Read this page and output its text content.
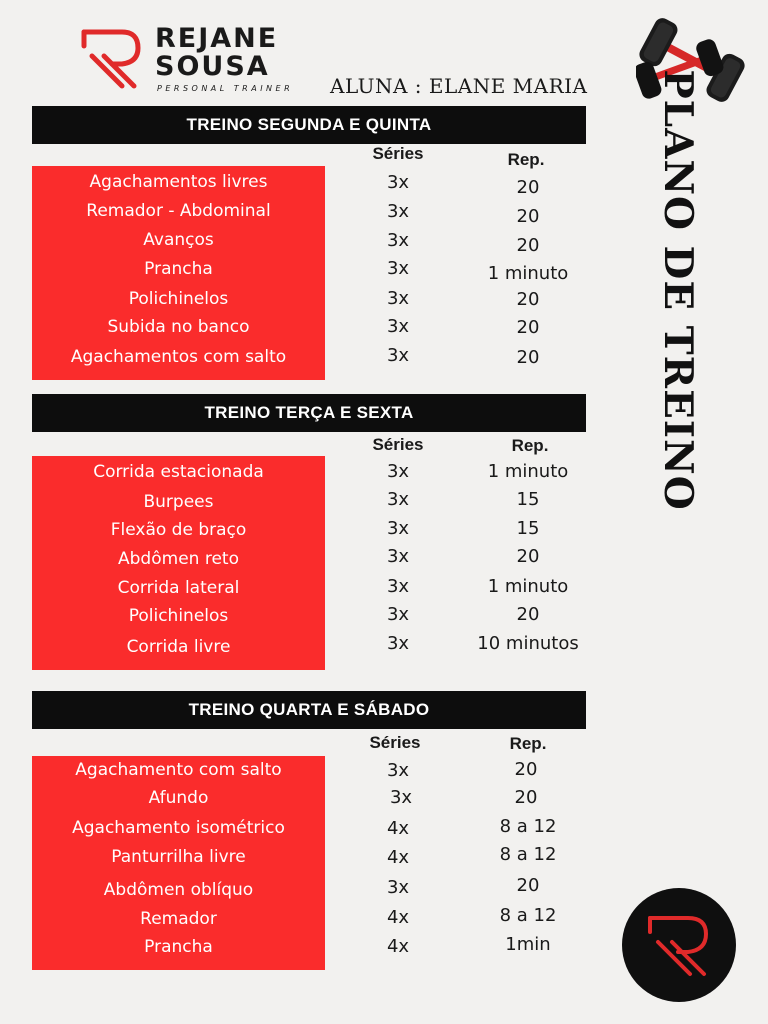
REJANE
SOUSA
PERSONAL TRAINER ALUNA : ELANE MARIA PLANO DE TREINO
TREINO SEGUNDA E QUINTA
Séries	Rep.
Agachamentos livres	3x	20
Remador - Abdominal	3x	20
Avanços	3x	20
Prancha	3x	1 minuto
Polichinelos	3x	20
Subida no banco	3x	20
Agachamentos com salto	3x	20
TREINO TERÇA E SEXTA
Séries	Rep.
Corrida estacionada	3x	1 minuto
Burpees	3x	15
Flexão de braço	3x	15
Abdômen reto	3x	20
Corrida lateral	3x	1 minuto
Polichinelos	3x	20
Corrida livre	3x	10 minutos
TREINO QUARTA E SÁBADO
Séries	Rep.
Agachamento com salto	3x	20
Afundo	3x	20
Agachamento isométrico	4x	8 a 12
Panturrilha livre	4x	8 a 12
Abdômen oblíquo	3x	20
Remador	4x	8 a 12
Prancha	4x	1min
